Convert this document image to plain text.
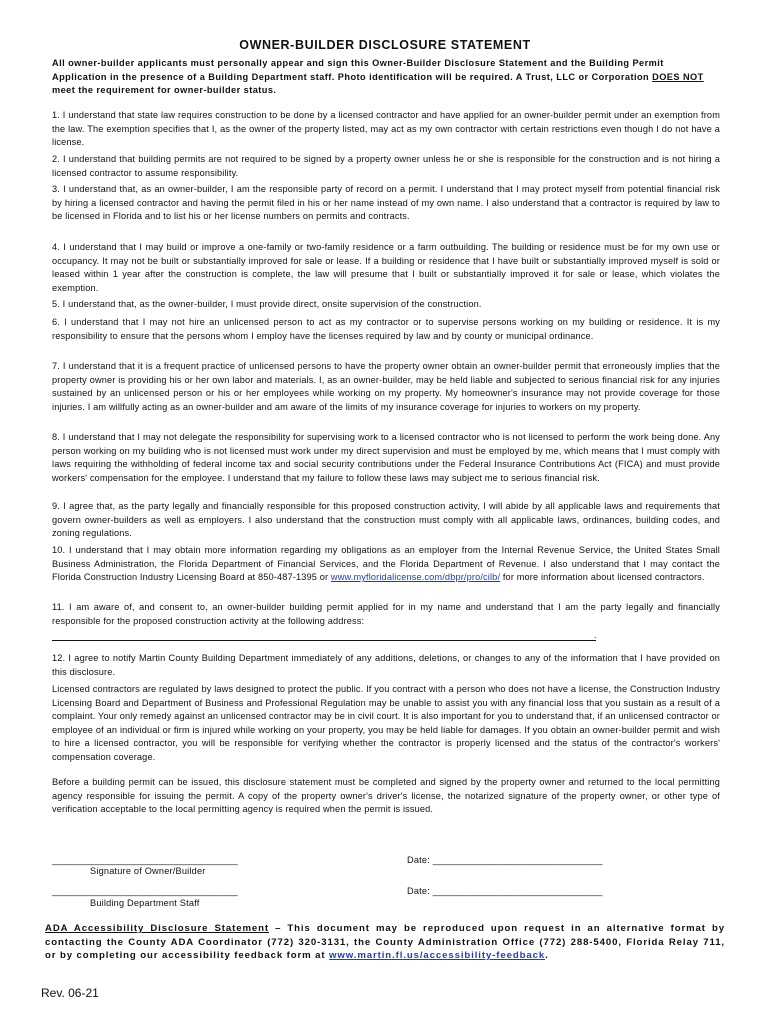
OWNER-BUILDER DISCLOSURE STATEMENT
All owner-builder applicants must personally appear and sign this Owner-Builder Disclosure Statement and the Building Permit Application in the presence of a Building Department staff. Photo identification will be required. A Trust, LLC or Corporation DOES NOT meet the requirement for owner-builder status.

1. I understand that state law requires construction to be done by a licensed contractor and have applied for an owner-builder permit under an exemption from the law. The exemption specifies that I, as the owner of the property listed, may act as my own contractor with certain restrictions even though I do not have a license.

2. I understand that building permits are not required to be signed by a property owner unless he or she is responsible for the construction and is not hiring a licensed contractor to assume responsibility.

3. I understand that, as an owner-builder, I am the responsible party of record on a permit. I understand that I may protect myself from potential financial risk by hiring a licensed contractor and having the permit filed in his or her name instead of my own name. I also understand that a contractor is required by law to be licensed in Florida and to list his or her license numbers on permits and contracts.

4. I understand that I may build or improve a one-family or two-family residence or a farm outbuilding. The building or residence must be for my own use or occupancy. It may not be built or substantially improved for sale or lease. If a building or residence that I have built or substantially improved myself is sold or leased within 1 year after the construction is complete, the law will presume that I built or substantially improved it for sale or lease, which violates the exemption.

5. I understand that, as the owner-builder, I must provide direct, onsite supervision of the construction.

6. I understand that I may not hire an unlicensed person to act as my contractor or to supervise persons working on my building or residence. It is my responsibility to ensure that the persons whom I employ have the licenses required by law and by county or municipal ordinance.

7. I understand that it is a frequent practice of unlicensed persons to have the property owner obtain an owner-builder permit that erroneously implies that the property owner is providing his or her own labor and materials. I, as an owner-builder, may be held liable and subjected to serious financial risk for any injuries sustained by an unlicensed person or his or her employees while working on my property. My homeowner's insurance may not provide coverage for those injuries. I am willfully acting as an owner-builder and am aware of the limits of my insurance coverage for injuries to workers on my property.

8. I understand that I may not delegate the responsibility for supervising work to a licensed contractor who is not licensed to perform the work being done. Any person working on my building who is not licensed must work under my direct supervision and must be employed by me, which means that I must comply with laws requiring the withholding of federal income tax and social security contributions under the Federal Insurance Contributions Act (FICA) and must provide workers' compensation for the employee. I understand that my failure to follow these laws may subject me to serious financial risk.

9. I agree that, as the party legally and financially responsible for this proposed construction activity, I will abide by all applicable laws and requirements that govern owner-builders as well as employers. I also understand that the construction must comply with all applicable laws, ordinances, building codes, and zoning regulations.

10. I understand that I may obtain more information regarding my obligations as an employer from the Internal Revenue Service, the United States Small Business Administration, the Florida Department of Financial Services, and the Florida Department of Revenue. I also understand that I may contact the Florida Construction Industry Licensing Board at 850-487-1395 or www.myfloridalicense.com/dbpr/pro/cilb/ for more information about licensed contractors.

11. I am aware of, and consent to, an owner-builder building permit applied for in my name and understand that I am the party legally and financially responsible for the proposed construction activity at the following address:

.

12. I agree to notify Martin County Building Department immediately of any additions, deletions, or changes to any of the information that I have provided on this disclosure.

Licensed contractors are regulated by laws designed to protect the public. If you contract with a person who does not have a license, the Construction Industry Licensing Board and Department of Business and Professional Regulation may be unable to assist you with any financial loss that you sustain as a result of a complaint. Your only remedy against an unlicensed contractor may be in civil court. It is also important for you to understand that, if an unlicensed contractor or employee of an individual or firm is injured while working on your property, you may be held liable for damages. If you obtain an owner-builder permit and wish to hire a licensed contractor, you will be responsible for verifying whether the contractor is properly licensed and the status of the contractor's workers' compensation coverage.

Before a building permit can be issued, this disclosure statement must be completed and signed by the property owner and returned to the local permitting agency responsible for issuing the permit. A copy of the property owner's driver's license, the notarized signature of the property owner, or other type of verification acceptable to the local permitting agency is required when the permit is issued.

___________________________________
Signature of Owner/Builder
Date: ________________________________
___________________________________
Building Department Staff
Date: ________________________________
ADA Accessibility Disclosure Statement – This document may be reproduced upon request in an alternative format by contacting the County ADA Coordinator (772) 320-3131, the County Administration Office (772) 288-5400, Florida Relay 711, or by completing our accessibility feedback form at www.martin.fl.us/accessibility-feedback.
Rev. 06-21
